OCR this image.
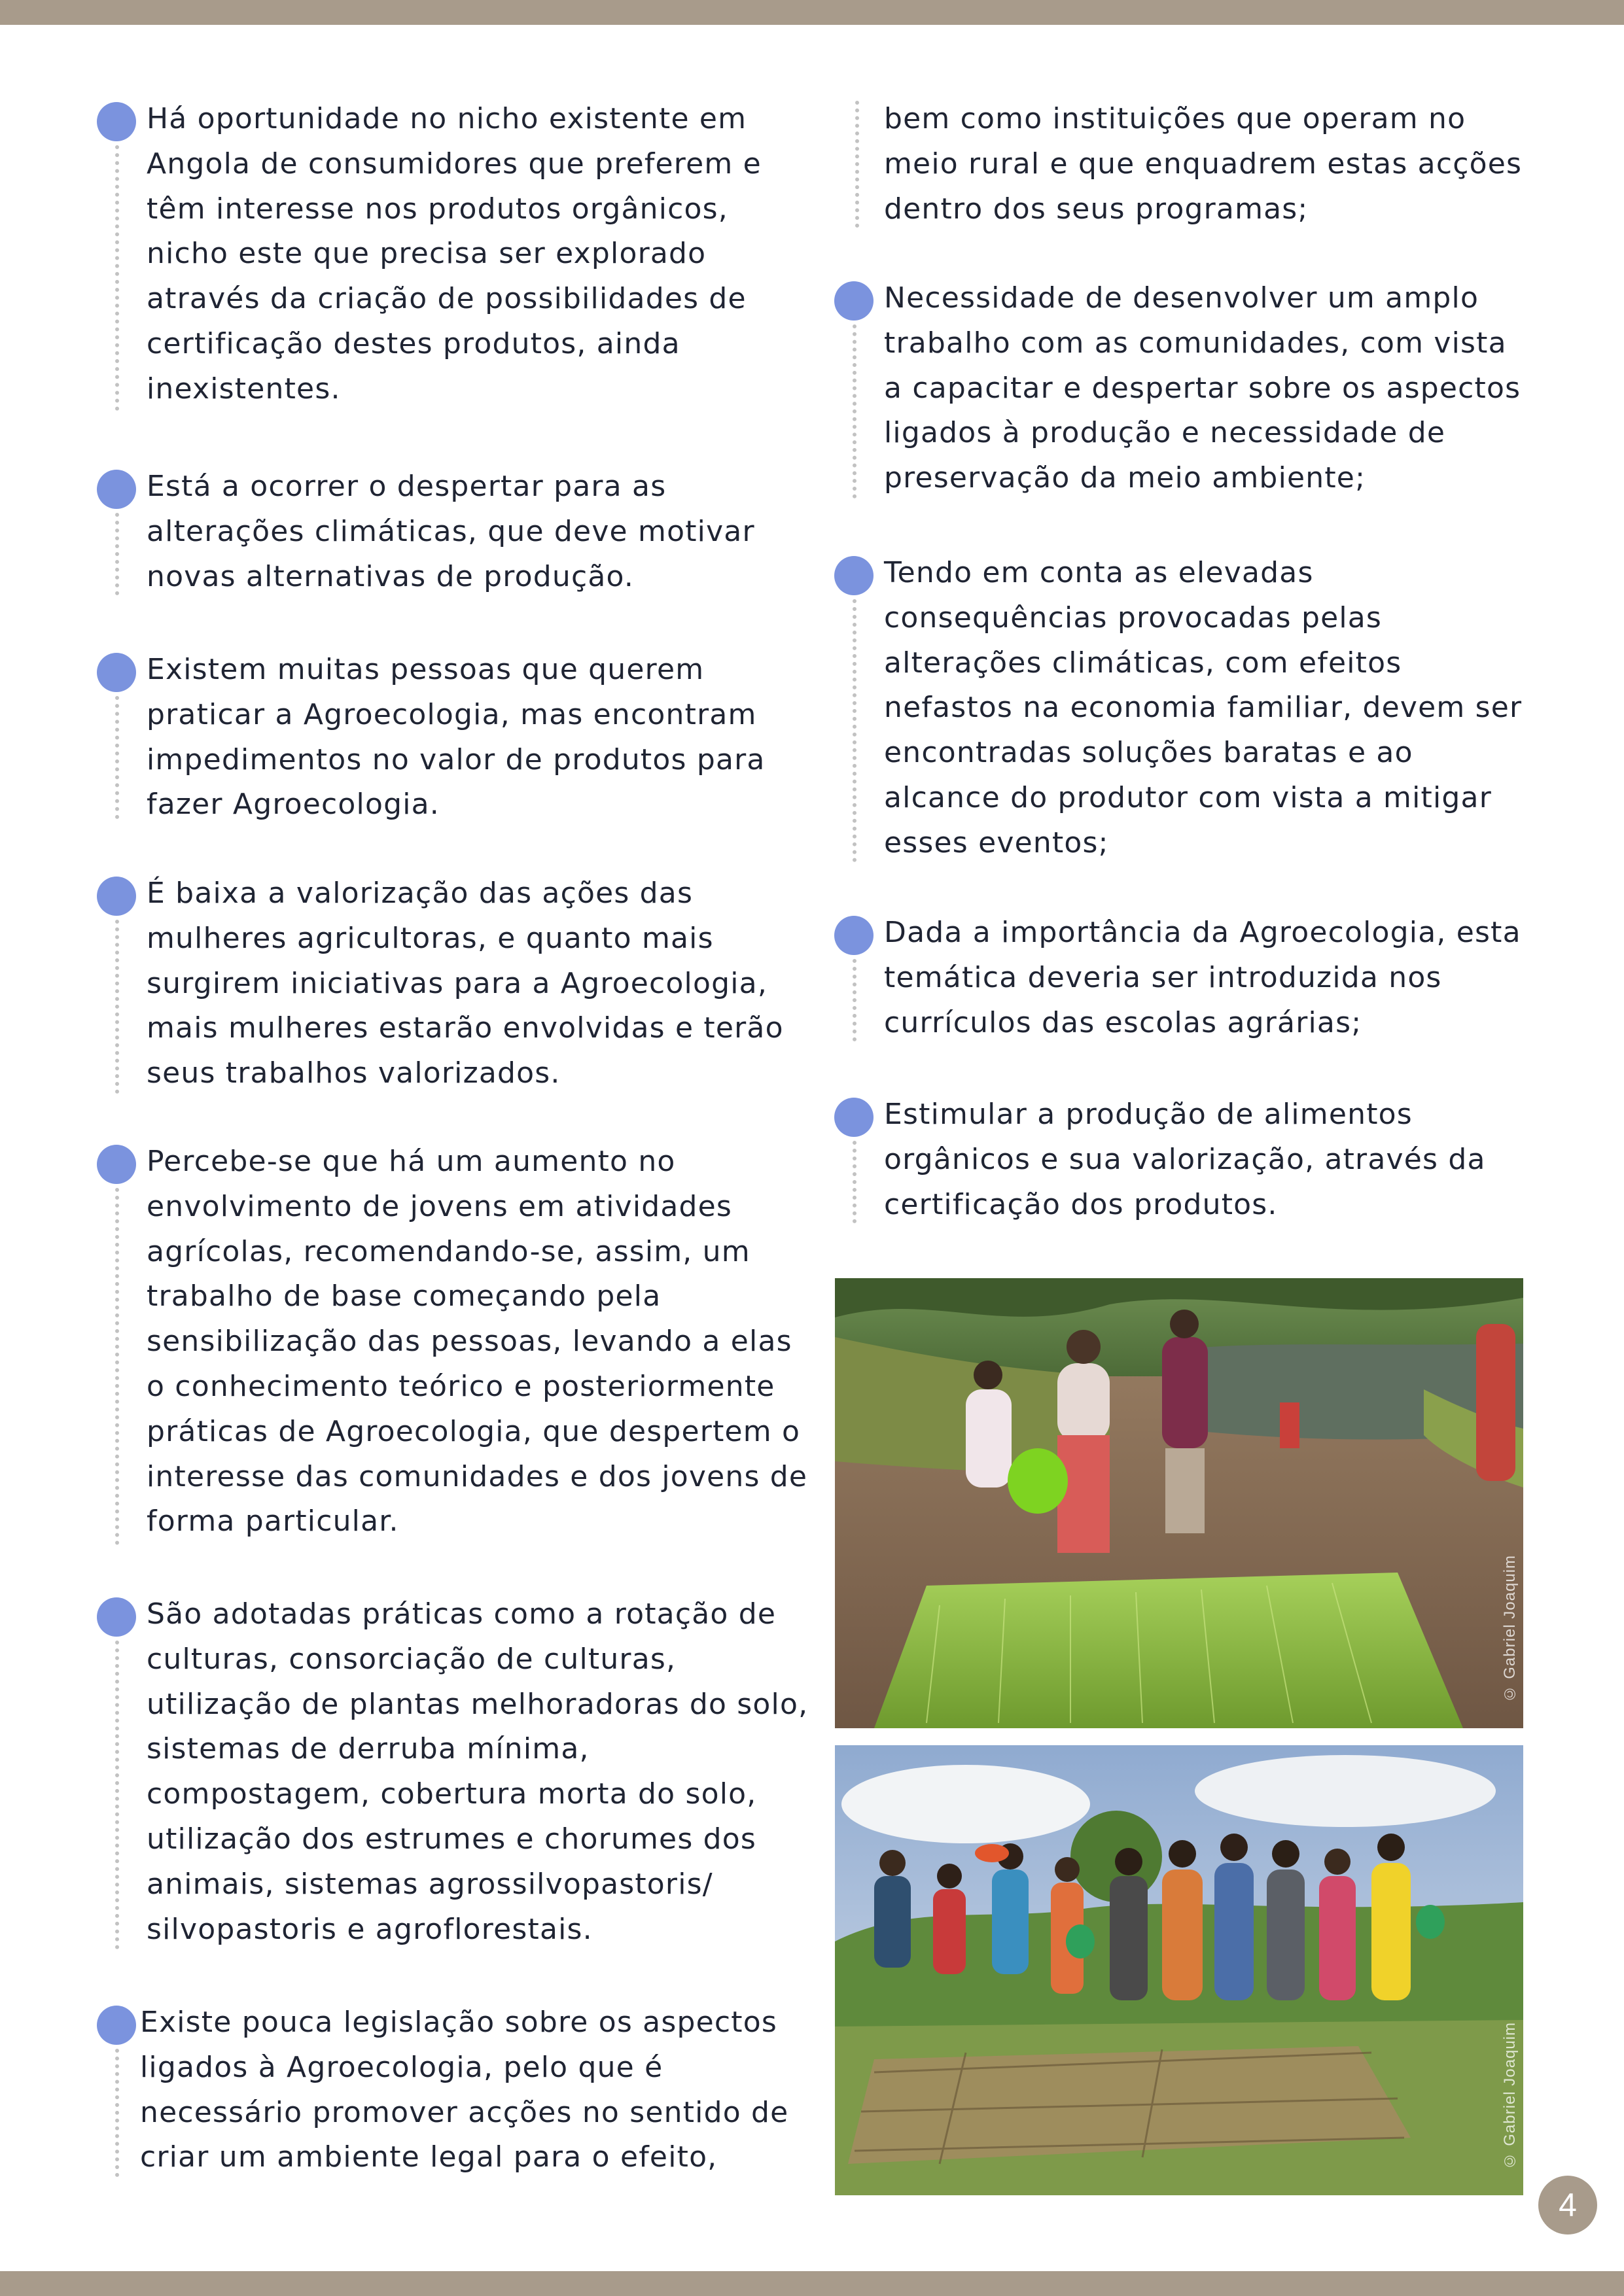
Há oportunidade no nicho existente em Angola de consumidores que preferem e têm interesse nos produtos orgânicos, nicho este que precisa ser explorado através da criação de possibilidades de certificação destes produtos, ainda inexistentes.

Está a ocorrer o despertar para as alterações climáticas, que deve motivar novas alternativas de produção.

Existem muitas pessoas que querem praticar a Agroecologia, mas encontram impedimentos no valor de produtos para fazer Agroecologia.

É baixa a valorização das ações das mulheres agricultoras, e quanto mais surgirem iniciativas para a Agroecologia, mais mulheres estarão envolvidas e terão seus trabalhos valorizados.

Percebe-se que há um aumento no envolvimento de jovens em atividades agrícolas, recomendando-se, assim, um trabalho de base começando pela sensibilização das pessoas, levando a elas o conhecimento teórico e posteriormente práticas de Agroecologia, que despertem o interesse das comunidades e dos jovens de forma particular.

São adotadas práticas como a rotação de culturas, consorciação de culturas, utilização de plantas melhoradoras do solo, sistemas de derruba mínima, compostagem, cobertura morta do solo, utilização dos estrumes e chorumes dos animais, sistemas agrossilvopastoris/ silvopastoris e agroflorestais.

Existe pouca legislação sobre os aspectos ligados à Agroecologia, pelo que é necessário promover acções no sentido de criar um ambiente legal para o efeito,

bem como instituições que operam no meio rural e que enquadrem estas acções dentro dos seus programas;

Necessidade de desenvolver um amplo trabalho com as comunidades, com vista a capacitar e despertar sobre os aspectos ligados à produção e necessidade de preservação da meio ambiente;

Tendo em conta as elevadas consequências provocadas pelas alterações climáticas, com efeitos nefastos na economia familiar, devem ser encontradas soluções baratas e ao alcance do produtor com vista a mitigar esses eventos;

Dada a importância da Agroecologia, esta temática deveria ser introduzida nos currículos das escolas agrárias;

Estimular a produção de alimentos orgânicos e sua valorização, através da certificação dos produtos.

© Gabriel Joaquim
© Gabriel Joaquim
4
